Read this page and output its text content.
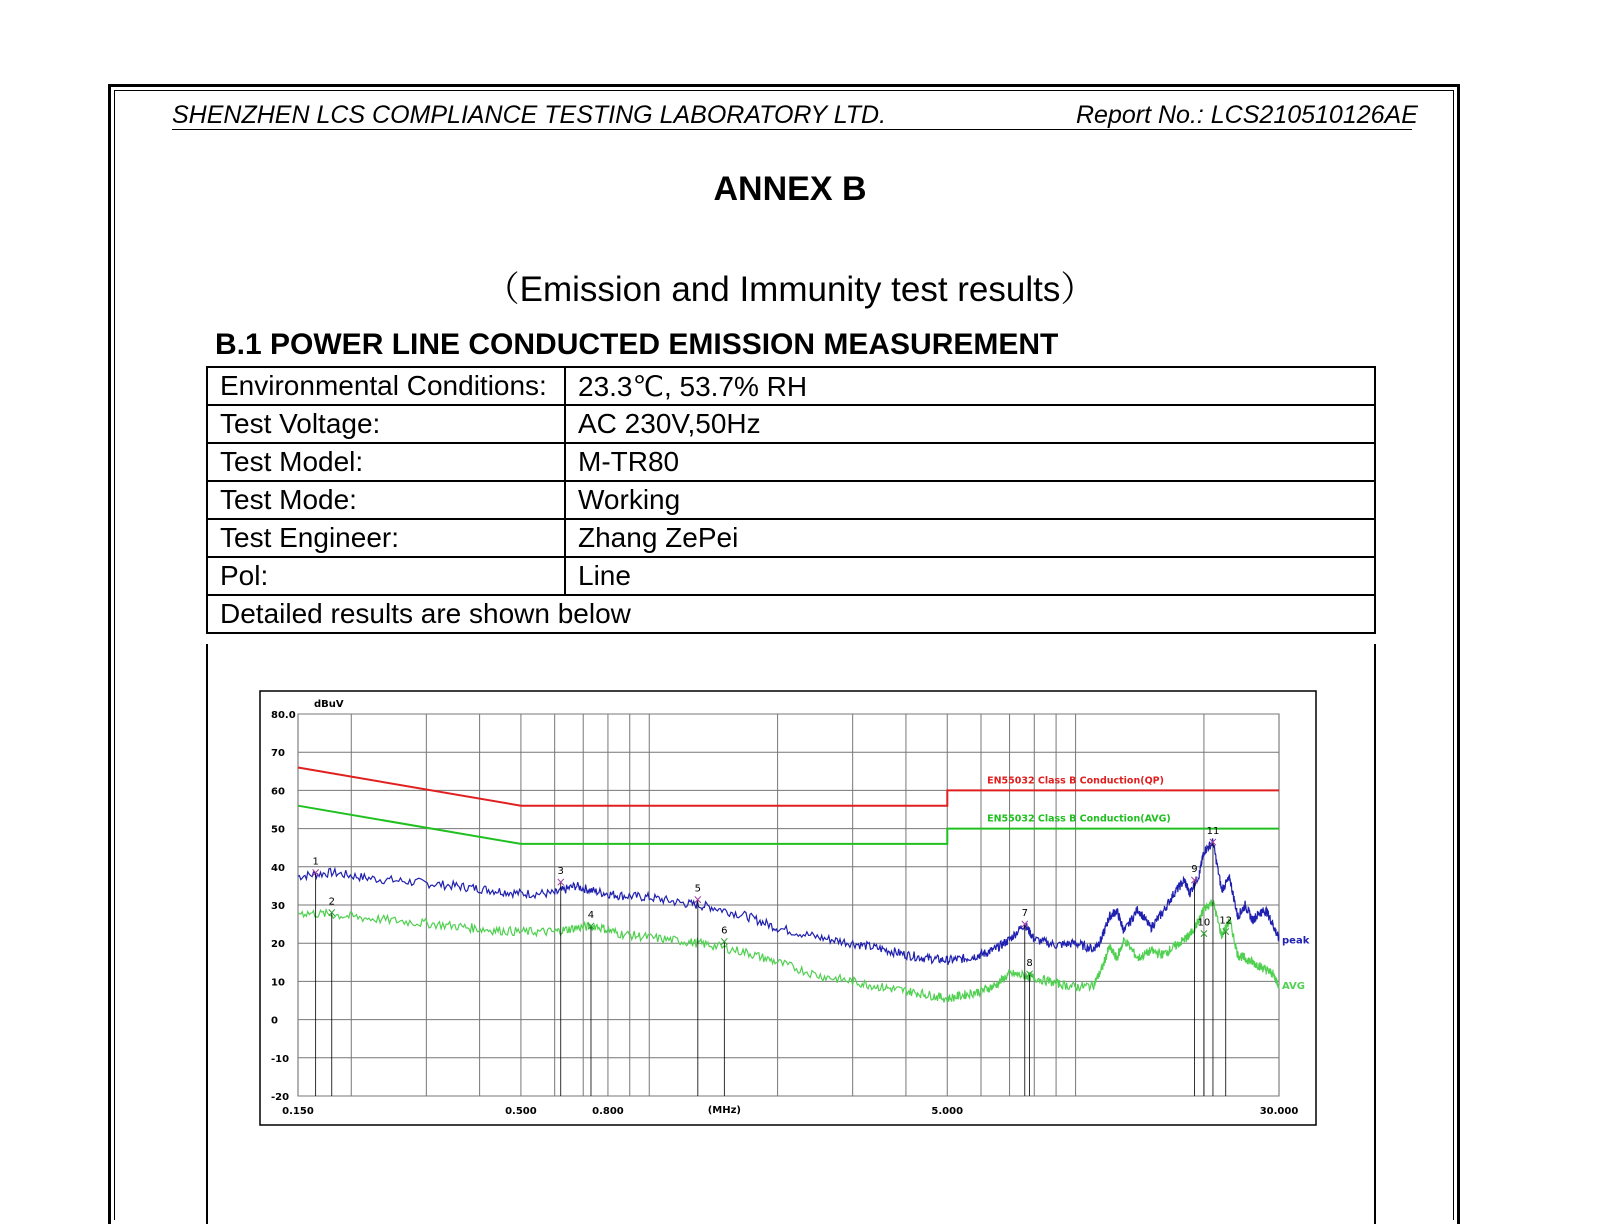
SHENZHEN LCS COMPLIANCE TESTING LABORATORY LTD.	Report No.: LCS210510126AE
ANNEX B
（Emission and Immunity test results）
B.1 POWER LINE CONDUCTED EMISSION MEASUREMENT
Environmental Conditions:	23.3℃, 53.7% RH
Test Voltage:	AC 230V,50Hz
Test Model:	M-TR80
Test Mode:	Working
Test Engineer:	Zhang ZePei
Pol:	Line
Detailed results are shown below	
EN55032 Class B Conduction(QP)
EN55032 Class B Conduction(AVG)
peak
AVG
×
1
×
2
×
3
×
4
×
5
×
6	×
7
×
8
×
9
×
10
×
11
×
12
80.0
70
60
50
40
30
20
10
0
-10
-20
0.150	0.500	0.800	5.000	30.000
dBuV
(MHz)
